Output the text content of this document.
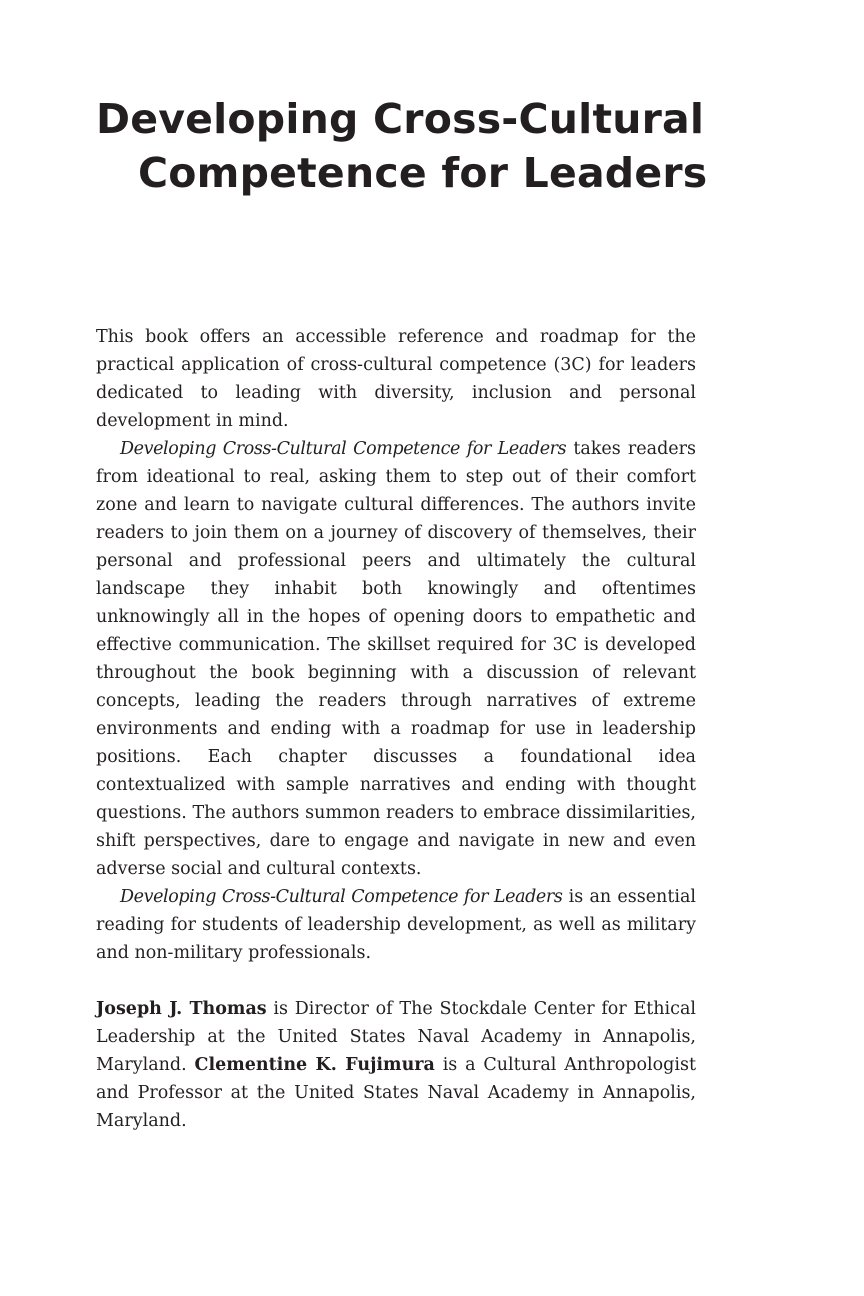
Developing Cross-Cultural
Competence for Leaders

This book offers an accessible reference and roadmap for the practical application of cross-cultural competence (3C) for leaders dedicated to leading with diversity, inclusion and personal development in mind.

Developing Cross-Cultural Competence for Leaders takes readers from ideational to real, asking them to step out of their comfort zone and learn to navigate cultural differences. The authors invite readers to join them on a journey of discovery of themselves, their personal and professional peers and ultimately the cultural landscape they inhabit both knowingly and oftentimes unknowingly all in the hopes of opening doors to empathetic and effective communication. The skillset required for 3C is developed throughout the book beginning with a discussion of relevant concepts, leading the readers through narratives of extreme environments and ending with a roadmap for use in leadership positions. Each chapter discusses a foundational idea contextualized with sample narratives and ending with thought questions. The authors summon readers to embrace dissimilarities, shift perspectives, dare to engage and navigate in new and even adverse social and cultural contexts.

Developing Cross-Cultural Competence for Leaders is an essential reading for students of leadership development, as well as military and non-military professionals.

Joseph J. Thomas is Director of The Stockdale Center for Ethical Leadership at the United States Naval Academy in Annapolis, Maryland. Clementine K. Fujimura is a Cultural Anthropologist and Professor at the United States Naval Academy in Annapolis, Maryland.
